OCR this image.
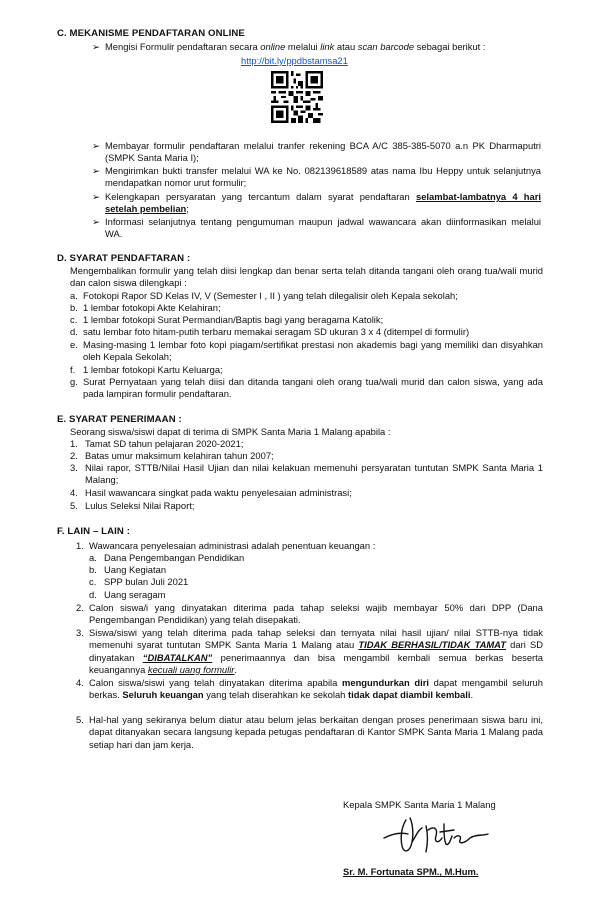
C. MEKANISME PENDAFTARAN ONLINE
➢ Mengisi Formulir pendaftaran secara online melalui link atau scan barcode sebagai berikut :
http://bit.ly/ppdbstamsa21
➢ Membayar formulir pendaftaran melalui tranfer rekening BCA A/C 385-385-5070 a.n PK Dharmaputri (SMPK Santa Maria I);
➢ Mengirimkan bukti transfer melalui WA ke No. 082139618589 atas nama Ibu Heppy untuk selanjutnya mendapatkan nomor urut formulir;
➢ Kelengkapan persyaratan yang tercantum dalam syarat pendaftaran selambat-lambatnya 4 hari setelah pembelian;
➢ Informasi selanjutnya tentang pengumuman maupun jadwal wawancara akan diinformasikan melalui WA.
D. SYARAT PENDAFTARAN :
Mengembalikan formulir yang telah diisi lengkap dan benar serta telah ditanda tangani oleh orang tua/wali murid dan calon siswa dilengkapi :
a. Fotokopi Rapor SD Kelas IV, V (Semester I , II ) yang telah dilegalisir oleh Kepala sekolah;
b. 1 lembar fotokopi Akte Kelahiran;
c. 1 lembar fotokopi Surat Permandian/Baptis bagi yang beragama Katolik;
d. satu lembar foto hitam-putih terbaru memakai seragam SD ukuran 3 x 4 (ditempel di formulir)
e. Masing-masing 1 lembar foto kopi piagam/sertifikat prestasi non akademis bagi yang memiliki dan disyahkan oleh Kepala Sekolah;
f. 1 lembar fotokopi Kartu Keluarga;
g. Surat Pernyataan yang telah diisi dan ditanda tangani oleh orang tua/wali murid dan calon siswa, yang ada pada lampiran formulir pendaftaran.
E. SYARAT PENERIMAAN :
Seorang siswa/siswi dapat di terima di SMPK Santa Maria 1 Malang apabila :
1. Tamat SD tahun pelajaran 2020-2021;
2. Batas umur maksimum kelahiran tahun 2007;
3. Nilai rapor, STTB/Nilai Hasil Ujian dan nilai kelakuan memenuhi persyaratan tuntutan SMPK Santa Maria 1 Malang;
4. Hasil wawancara singkat pada waktu penyelesaian administrasi;
5. Lulus Seleksi Nilai Raport;
F. LAIN – LAIN :
1. Wawancara penyelesaian administrasi adalah penentuan keuangan :
a. Dana Pengembangan Pendidikan
b. Uang Kegiatan
c. SPP bulan Juli 2021
d. Uang seragam
2. Calon siswa/i yang dinyatakan diterima pada tahap seleksi wajib membayar 50% dari DPP (Dana Pengembangan Pendidikan) yang telah disepakati.
3. Siswa/siswi yang telah diterima pada tahap seleksi dan ternyata nilai hasil ujian/ nilai STTB-nya tidak memenuhi syarat tuntutan SMPK Santa Maria 1 Malang atau TIDAK BERHASIL/TIDAK TAMAT dari SD dinyatakan “DIBATALKAN” penerimaannya dan bisa mengambil kembali semua berkas beserta keuangannya kecuali uang formulir.
4. Calon siswa/siswi yang telah dinyatakan diterima apabila mengundurkan diri dapat mengambil seluruh berkas. Seluruh keuangan yang telah diserahkan ke sekolah tidak dapat diambil kembali.
5. Hal-hal yang sekiranya belum diatur atau belum jelas berkaitan dengan proses penerimaan siswa baru ini, dapat ditanyakan secara langsung kepada petugas pendaftaran di Kantor SMPK Santa Maria 1 Malang pada setiap hari dan jam kerja.
Kepala SMPK Santa Maria 1 Malang
Sr. M. Fortunata SPM., M.Hum.
